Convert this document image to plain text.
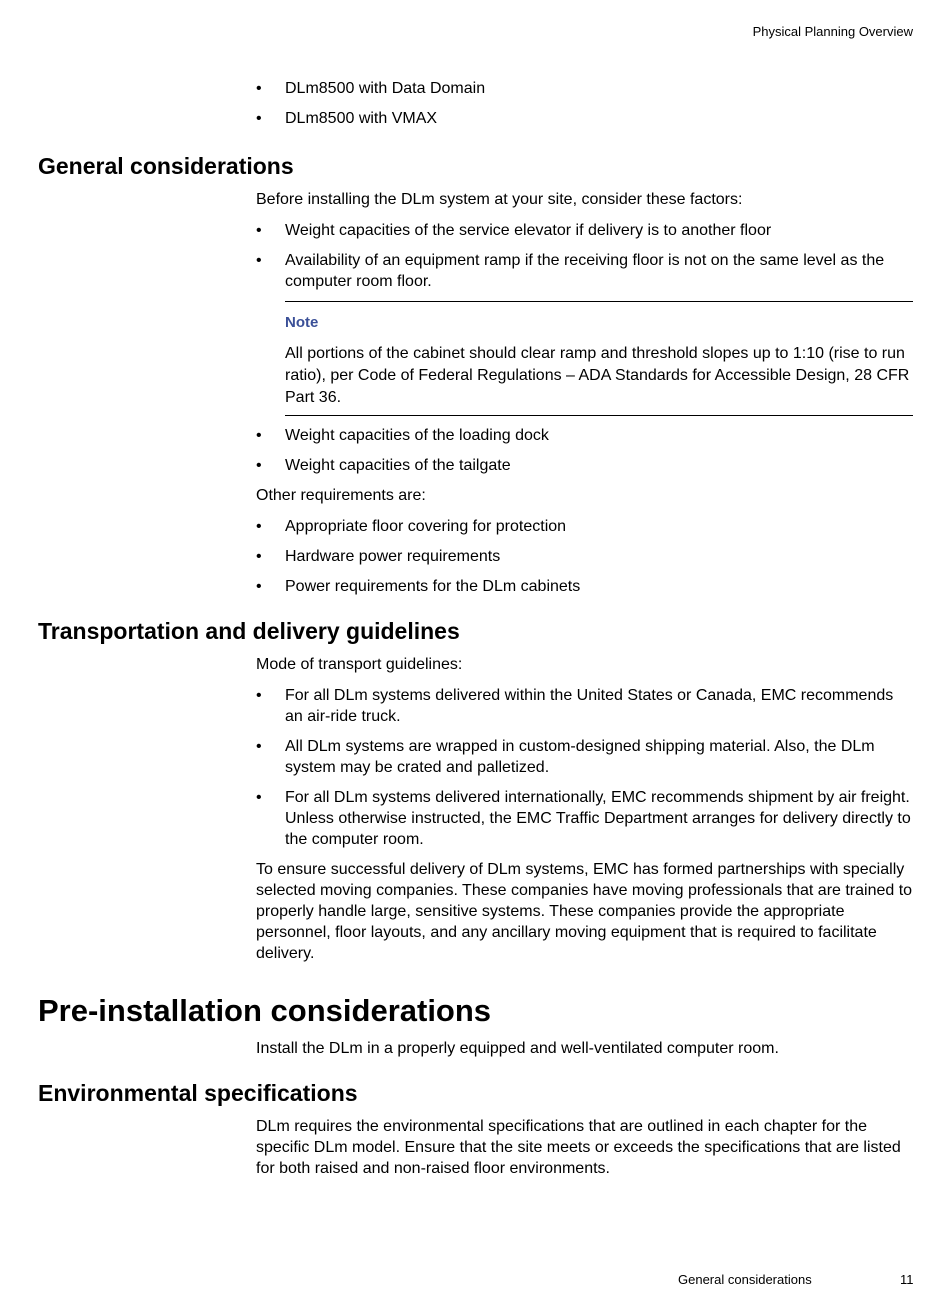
Physical Planning Overview
• DLm8500 with Data Domain
• DLm8500 with VMAX
General considerations

Before installing the DLm system at your site, consider these factors:

• Weight capacities of the service elevator if delivery is to another floor
• Availability of an equipment ramp if the receiving floor is not on the same level as the computer room floor.
Note

All portions of the cabinet should clear ramp and threshold slopes up to 1:10 (rise to run ratio), per Code of Federal Regulations – ADA Standards for Accessible Design, 28 CFR Part 36.

• Weight capacities of the loading dock
• Weight capacities of the tailgate

Other requirements are:

• Appropriate floor covering for protection
• Hardware power requirements
• Power requirements for the DLm cabinets
Transportation and delivery guidelines

Mode of transport guidelines:

• For all DLm systems delivered within the United States or Canada, EMC recommends an air-ride truck.
• All DLm systems are wrapped in custom-designed shipping material. Also, the DLm system may be crated and palletized.
• For all DLm systems delivered internationally, EMC recommends shipment by air freight. Unless otherwise instructed, the EMC Traffic Department arranges for delivery directly to the computer room.

To ensure successful delivery of DLm systems, EMC has formed partnerships with specially selected moving companies. These companies have moving professionals that are trained to properly handle large, sensitive systems. These companies provide the appropriate personnel, floor layouts, and any ancillary moving equipment that is required to facilitate delivery.

Pre-installation considerations

Install the DLm in a properly equipped and well-ventilated computer room.

Environmental specifications

DLm requires the environmental specifications that are outlined in each chapter for the specific DLm model. Ensure that the site meets or exceeds the specifications that are listed for both raised and non-raised floor environments.

General considerations	11
